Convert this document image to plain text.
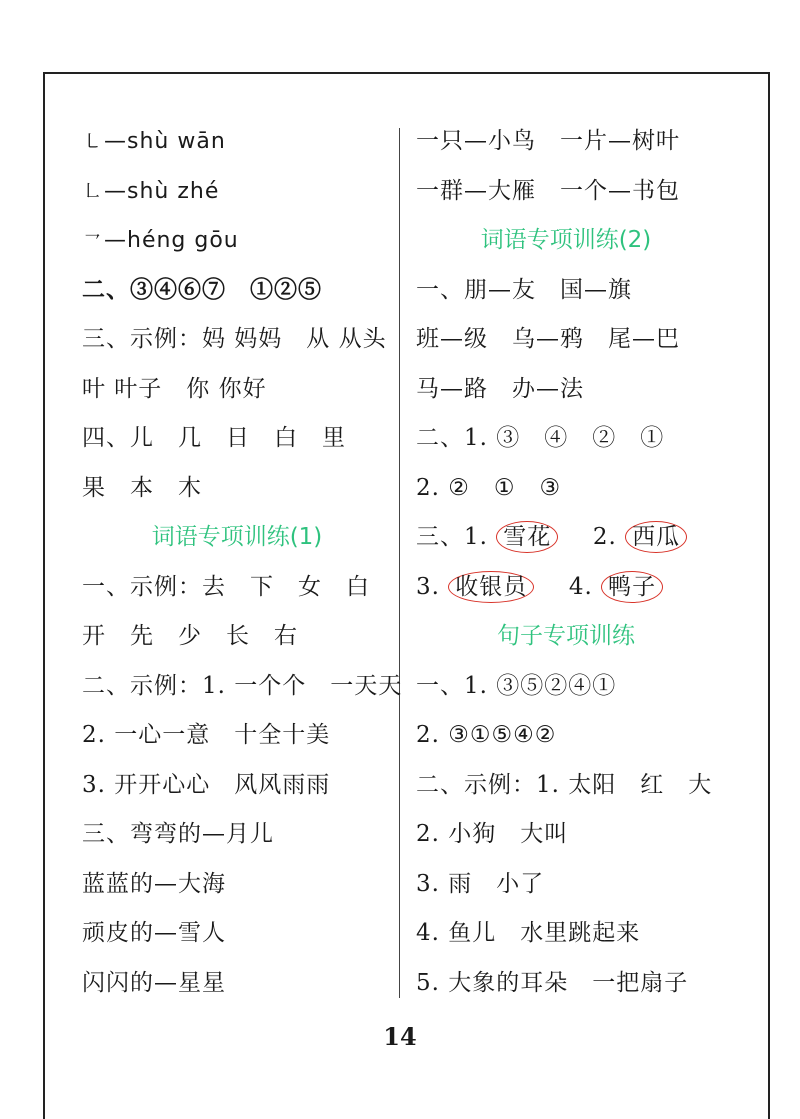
㇄—shù wān
㇗—shù zhé
㇖—héng gōu
二、③④⑥⑦　①②⑤
三、示例：妈 妈妈　从 从头
叶 叶子　你 你好
四、儿　几　日　白　里
果　本　木
词语专项训练(1)
一、示例：去　下　女　白
开　先　少　长　右
二、示例：1. 一个个　一天天
2. 一心一意　十全十美
3. 开开心心　风风雨雨
三、弯弯的—月儿
蓝蓝的—大海
顽皮的—雪人
闪闪的—星星
一只—小鸟　一片—树叶
一群—大雁　一个—书包
词语专项训练(2)
一、朋—友　国—旗
班—级　乌—鸦　尾—巴
马—路　办—法
二、1. ③　④　②　①
2. ②　①　③
三、1. 雪花 2. 西瓜
3. 收银员 4. 鸭子
句子专项训练
一、1. ③⑤②④①
2. ③①⑤④②
二、示例：1. 太阳　红　大
2. 小狗　大叫
3. 雨　小了
4. 鱼儿　水里跳起来
5. 大象的耳朵　一把扇子
14
